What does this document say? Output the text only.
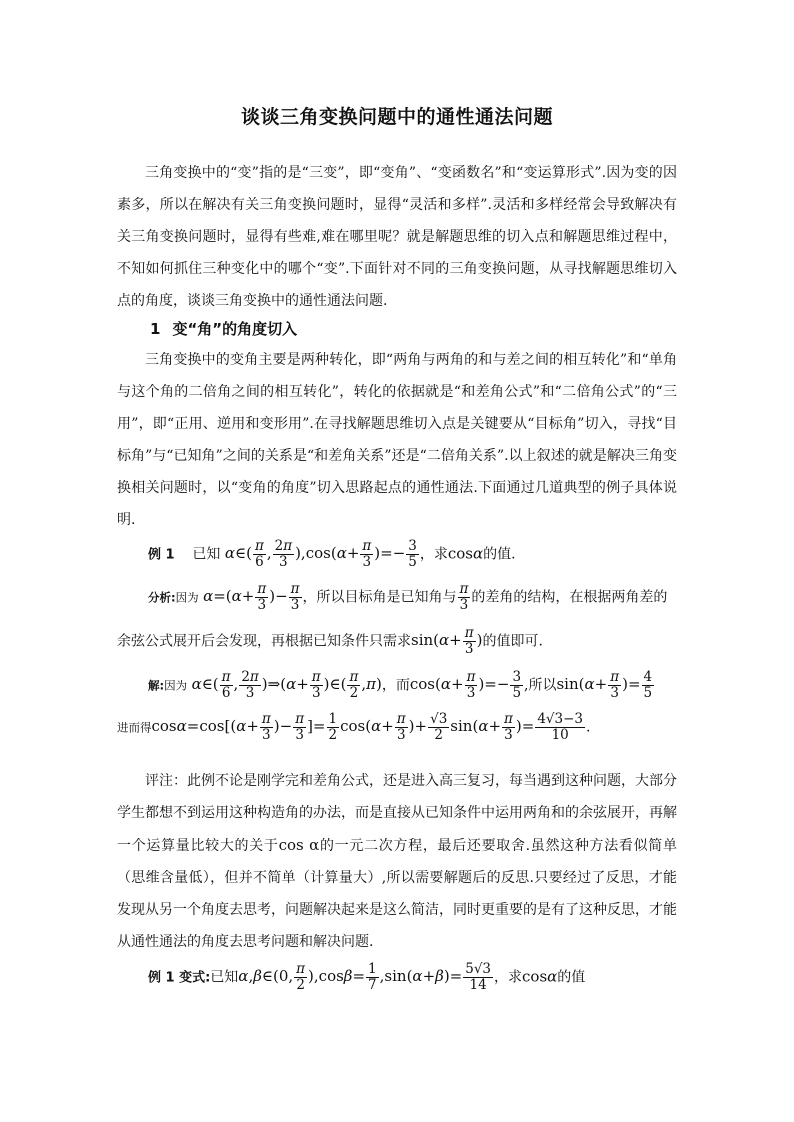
谈谈三角变换问题中的通性通法问题
三角变换中的“变”指的是“三变”，即“变角”、“变函数名”和“变运算形式”.因为变的因素多，所以在解决有关三角变换问题时，显得“灵活和多样”.灵活和多样经常会导致解决有关三角变换问题时，显得有些难,难在哪里呢？就是解题思维的切入点和解题思维过程中，不知如何抓住三种变化中的哪个“变”.下面针对不同的三角变换问题，从寻找解题思维切入点的角度，谈谈三角变换中的通性通法问题.
1 变“角”的角度切入
三角变换中的变角主要是两种转化，即“两角与两角的和与差之间的相互转化”和“单角与这个角的二倍角之间的相互转化”，转化的依据就是“和差角公式”和“二倍角公式”的“三用”，即“正用、逆用和变形用”.在寻找解题思维切入点是关键要从“目标角”切入，寻找“目标角”与“已知角”之间的关系是“和差角关系”还是“二倍角关系”.以上叙述的就是解决三角变换相关问题时，以“变角的角度”切入思路起点的通性通法.下面通过几道典型的例子具体说明.
例 1 已知 α∈( $\frac{\pi}{6}$ , $\frac{2\pi}{3} ),\cos(\alpha+ \frac{\pi}{3}$ )=− $\frac{3}{5}$ ，求cosα的值.
分析:因为 $\alpha=(\alpha+ \frac{\pi}{3}$ )− $\frac{\pi}{3}$ ，所以目标角是已知角与 $\frac{\pi}{3}$ 的差角的结构，在根据两角差的
余弦公式展开后会发现，再根据已知条件只需求$\sin(\alpha+ \frac{\pi}{3}$ )的值即可.
解:因为 α∈( $\frac{\pi}{6}$ , $\frac{2\pi}{3}$ )⇒(α+ $\frac{\pi}{3}$ )∈( $\frac{\pi}{2} ,\pi$)，而$\cos(\alpha+ \frac{\pi}{3}$ )=− $\frac{3}{5}$ ,所以$\sin(\alpha+ \frac{\pi}{3}$ )= $\frac{4}{5}$
进而得$\cos\alpha=\cos[(\alpha+ \frac{\pi}{3}$ )− $\frac{\pi}{3}$ ]= $\frac{1}{2} \cos(\alpha+ \frac{\pi}{3}$ )+ $\frac{√3}{2} \sin(\alpha+ \frac{\pi}{3}$ )= $\frac{4√3-3}{10}$ .
评注：此例不论是刚学完和差角公式，还是进入高三复习，每当遇到这种问题，大部分学生都想不到运用这种构造角的办法，而是直接从已知条件中运用两角和的余弦展开，再解一个运算量比较大的关于cos α的一元二次方程，最后还要取舍.虽然这种方法看似简单（思维含量低），但并不简单（计算量大）,所以需要解题后的反思.只要经过了反思，才能发现从另一个角度去思考，问题解决起来是这么简洁，同时更重要的是有了这种反思，才能从通性通法的角度去思考问题和解决问题.
例 1 变式:已知α,β∈(0, $\frac{\pi}{2} ),\cos\beta= \frac{1}{7} ,\sin(\alpha+\beta)= \frac{5√3}{14}$ ，求cosα的值
